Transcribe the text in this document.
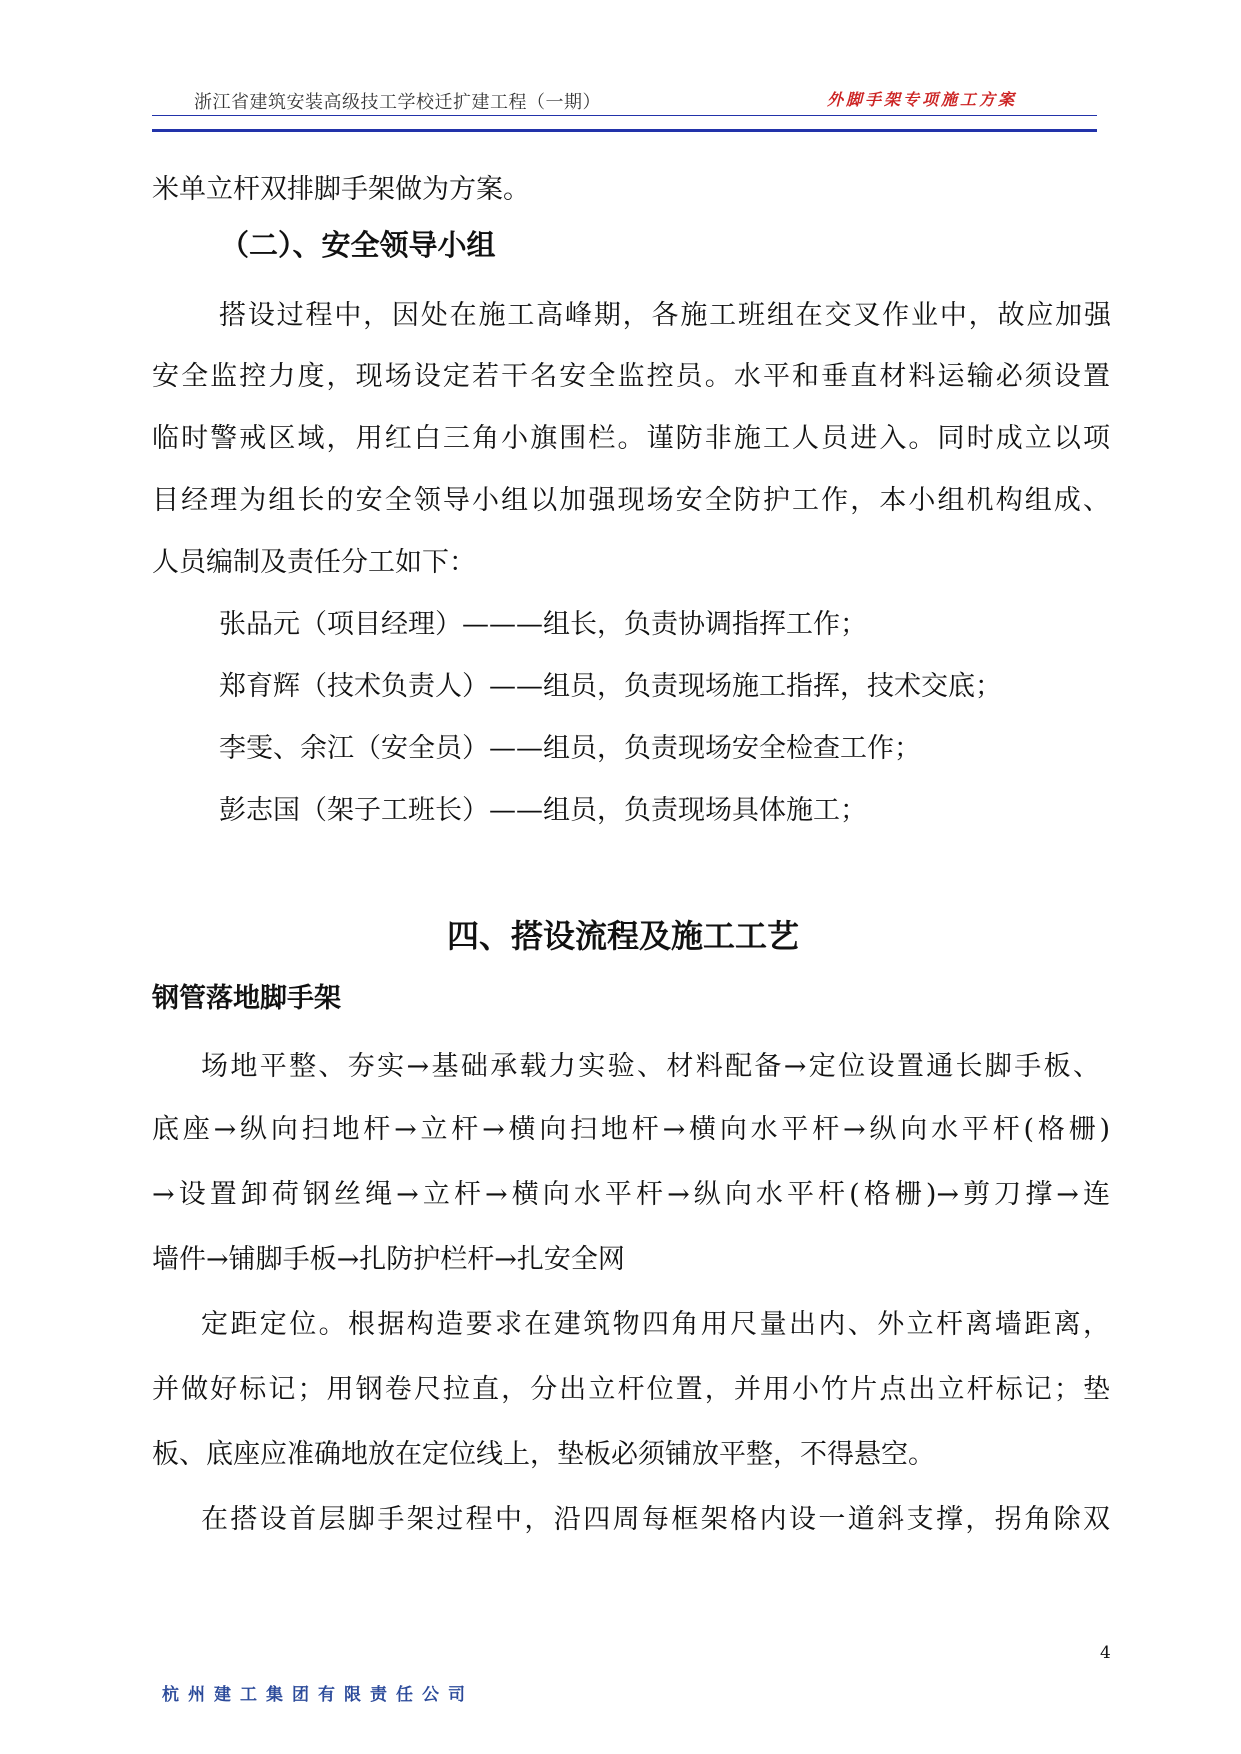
浙江省建筑安装高级技工学校迁扩建工程（一期）	外脚手架专项施工方案
米单立杆双排脚手架做为方案。
（二）、安全领导小组
搭设过程中，因处在施工高峰期，各施工班组在交叉作业中，故应加强
安全监控力度，现场设定若干名安全监控员。水平和垂直材料运输必须设置
临时警戒区域，用红白三角小旗围栏。谨防非施工人员进入。同时成立以项
目经理为组长的安全领导小组以加强现场安全防护工作，本小组机构组成、
人员编制及责任分工如下：
张品元（项目经理）———组长，负责协调指挥工作；
郑育辉（技术负责人）——组员，负责现场施工指挥，技术交底；
李雯、余江（安全员）——组员，负责现场安全检查工作；
彭志国（架子工班长）——组员，负责现场具体施工；
四、搭设流程及施工工艺
钢管落地脚手架
场地平整、夯实→基础承载力实验、材料配备→定位设置通长脚手板、
底座→纵向扫地杆→立杆→横向扫地杆→横向水平杆→纵向水平杆(格栅)
→设置卸荷钢丝绳→立杆→横向水平杆→纵向水平杆(格栅)→剪刀撑→连
墙件→铺脚手板→扎防护栏杆→扎安全网
定距定位。根据构造要求在建筑物四角用尺量出内、外立杆离墙距离，
并做好标记；用钢卷尺拉直，分出立杆位置，并用小竹片点出立杆标记；垫
板、底座应准确地放在定位线上，垫板必须铺放平整，不得悬空。
在搭设首层脚手架过程中，沿四周每框架格内设一道斜支撑，拐角除双
4
杭州建工集团有限责任公司
